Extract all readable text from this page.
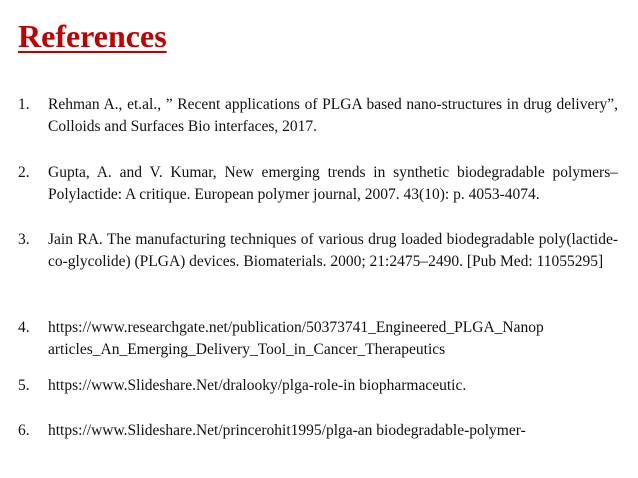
References
1.	Rehman A., et.al., ” Recent applications of PLGA based nano-structures in drug delivery”, Colloids and Surfaces Bio interfaces, 2017.
2.	Gupta, A. and V. Kumar, New emerging trends in synthetic biodegradable polymers– Polylactide: A critique. European polymer journal, 2007. 43(10): p. 4053-4074.
3.	Jain RA. The manufacturing techniques of various drug loaded biodegradable poly(lactide-co-glycolide) (PLGA) devices. Biomaterials. 2000; 21:2475–2490. [Pub Med: 11055295]
4.	https://www.researchgate.net/publication/50373741_Engineered_PLGA_Nanop
articles_An_Emerging_Delivery_Tool_in_Cancer_Therapeutics
5.	https://www.Slideshare.Net/dralooky/plga-role-in biopharmaceutic.
6.	https://www.Slideshare.Net/princerohit1995/plga-an biodegradable-polymer-
